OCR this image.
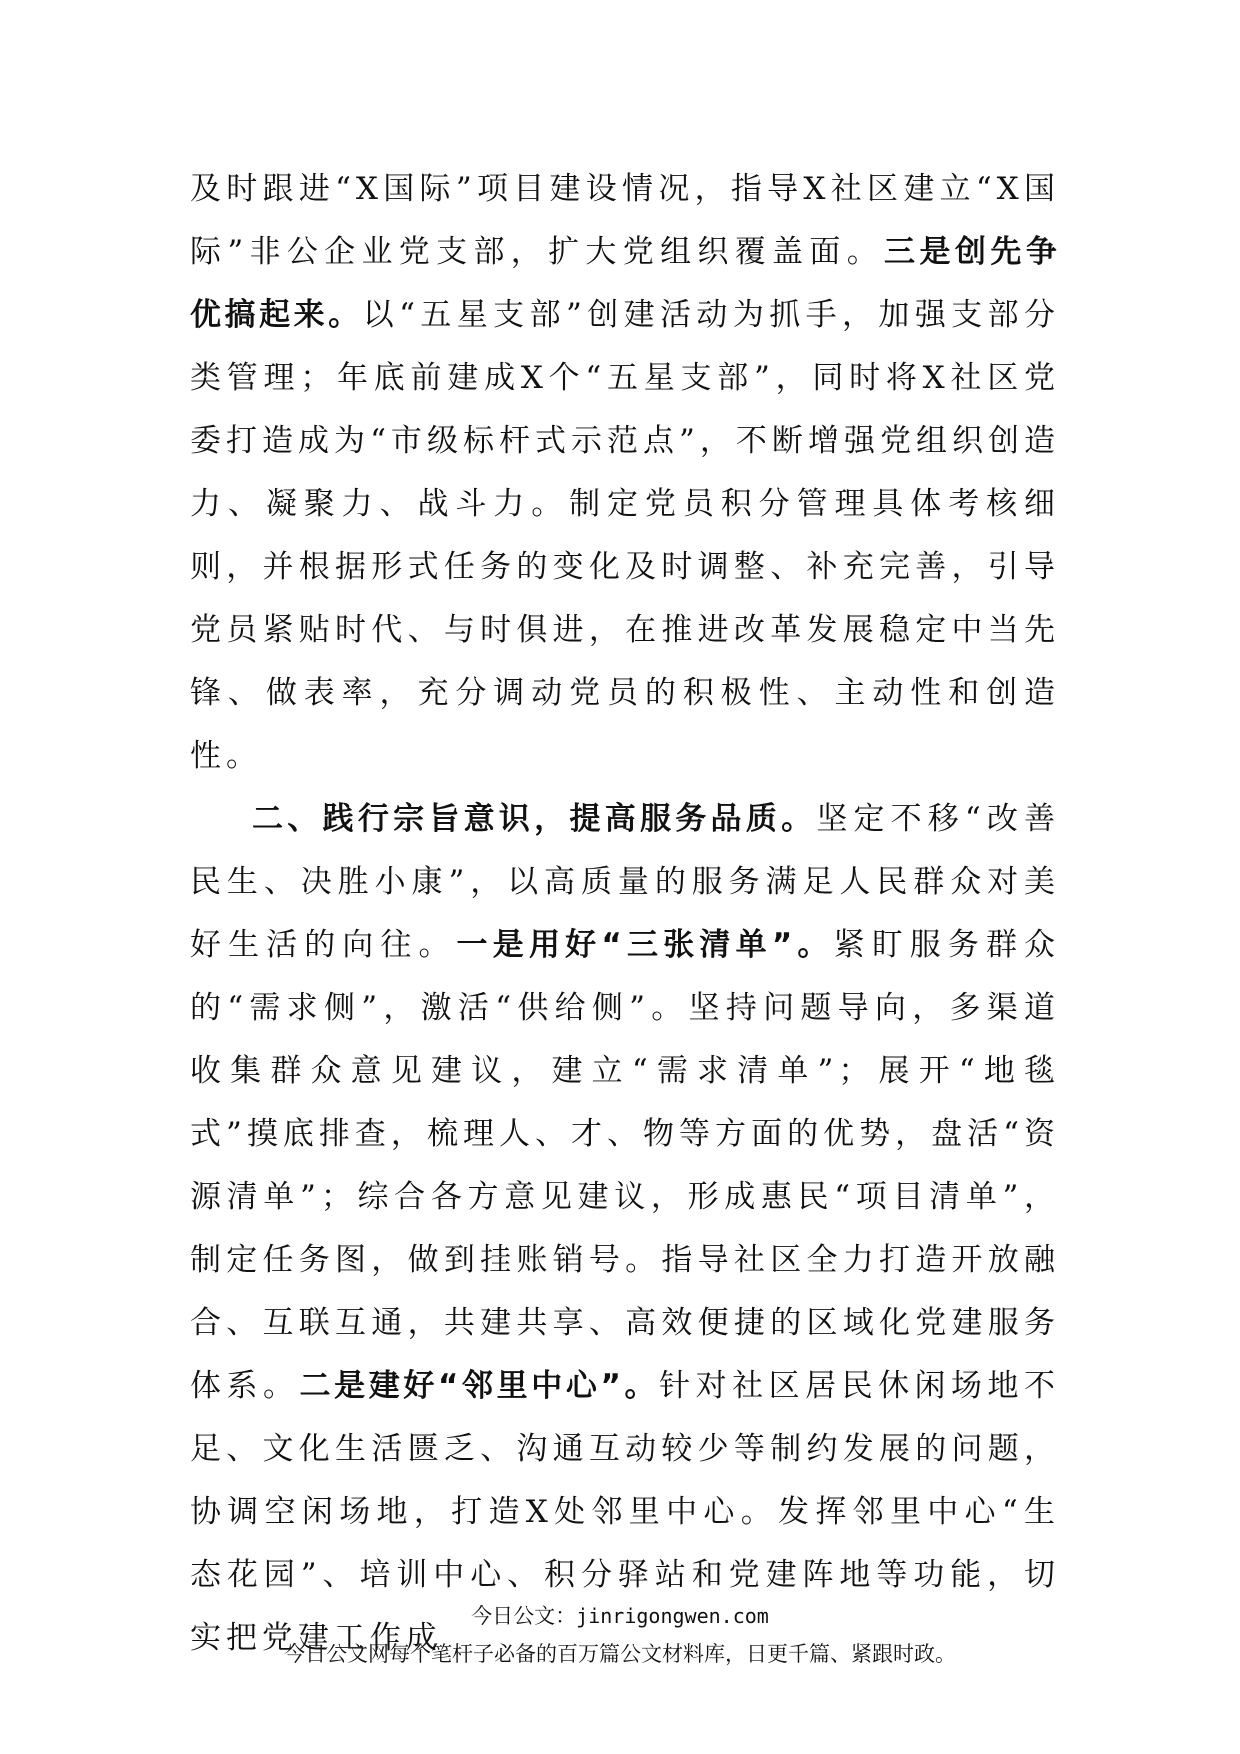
及时跟进“X国际”项目建设情况，指导X社区建立“X国际”非公企业党支部，扩大党组织覆盖面。三是创先争优搞起来。以“五星支部”创建活动为抓手，加强支部分类管理；年底前建成X个“五星支部”，同时将X社区党委打造成为“市级标杆式示范点”，不断增强党组织创造力、凝聚力、战斗力。制定党员积分管理具体考核细则，并根据形式任务的变化及时调整、补充完善，引导党员紧贴时代、与时俱进，在推进改革发展稳定中当先锋、做表率，充分调动党员的积极性、主动性和创造性。

二、践行宗旨意识，提高服务品质。坚定不移“改善民生、决胜小康”，以高质量的服务满足人民群众对美好生活的向往。一是用好“三张清单”。紧盯服务群众的“需求侧”，激活“供给侧”。坚持问题导向，多渠道收集群众意见建议，建立“需求清单”；展开“地毯式”摸底排查，梳理人、才、物等方面的优势，盘活“资源清单”；综合各方意见建议，形成惠民“项目清单”，制定任务图，做到挂账销号。指导社区全力打造开放融合、互联互通，共建共享、高效便捷的区域化党建服务体系。二是建好“邻里中心”。针对社区居民休闲场地不足、文化生活匮乏、沟通互动较少等制约发展的问题，协调空闲场地，打造X处邻里中心。发挥邻里中心“生态花园”、培训中心、积分驿站和党建阵地等功能，切实把党建工作成

今日公文：jinrigongwen.com
今日公文网每个笔杆子必备的百万篇公文材料库，日更千篇、紧跟时政。
